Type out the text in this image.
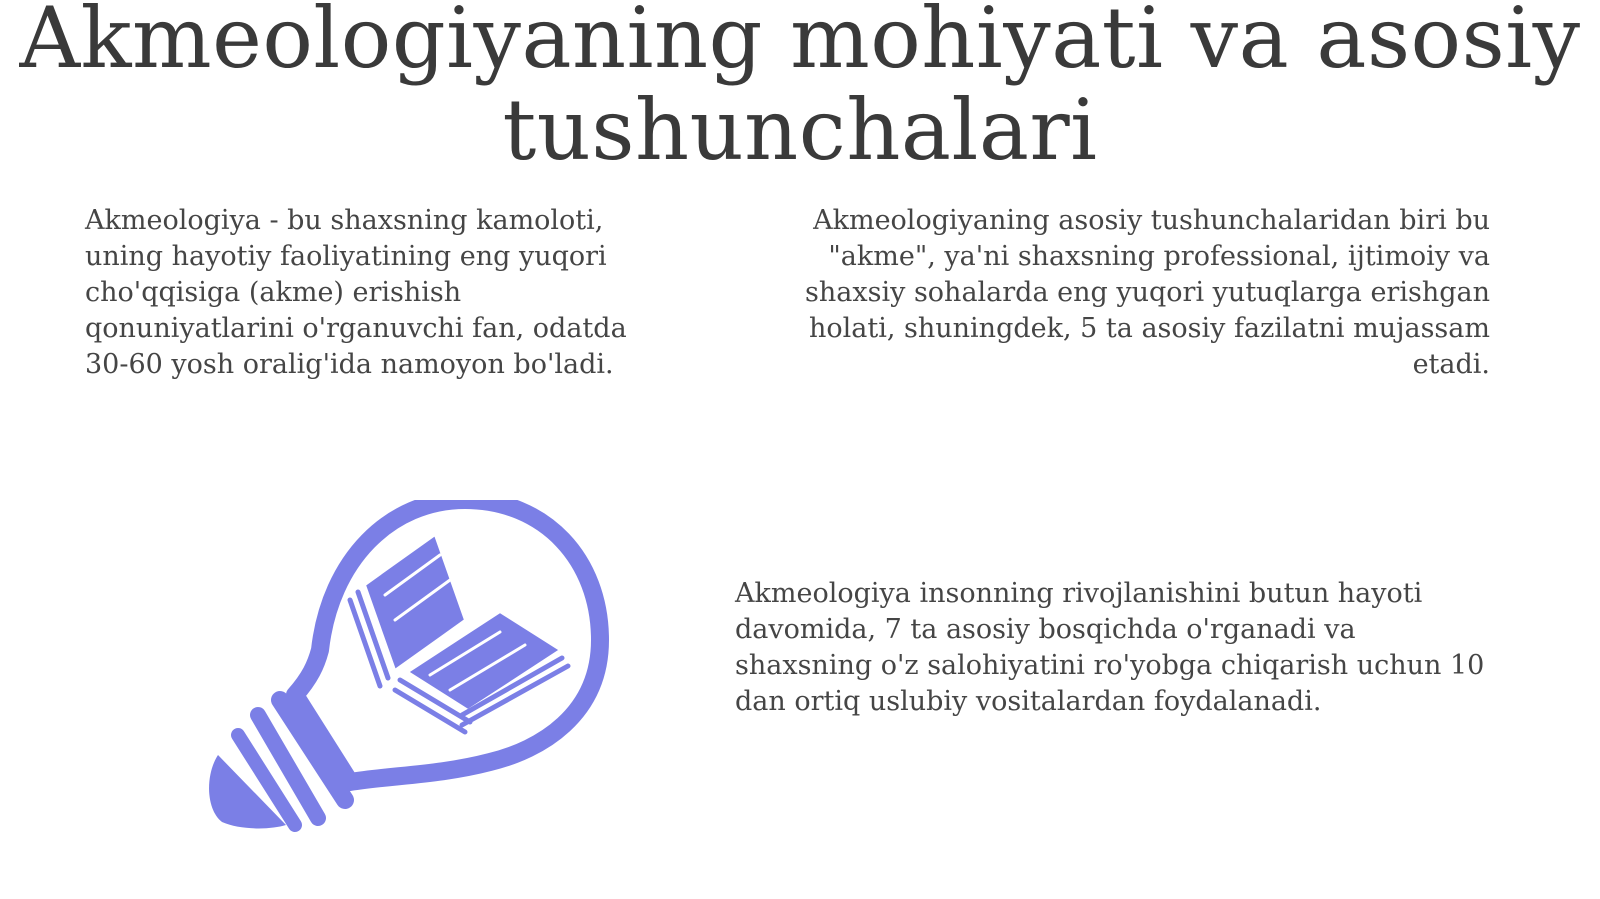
Akmeologiyaning mohiyati va asosiy tushunchalari

Akmeologiya - bu shaxsning kamoloti, uning hayotiy faoliyatining eng yuqori cho'qqisiga (akme) erishish qonuniyatlarini o'rganuvchi fan, odatda 30-60 yosh oralig'ida namoyon bo'ladi.

Akmeologiyaning asosiy tushunchalaridan biri bu "akme", ya'ni shaxsning professional, ijtimoiy va shaxsiy sohalarda eng yuqori yutuqlarga erishgan holati, shuningdek, 5 ta asosiy fazilatni mujassam etadi.

Akmeologiya insonning rivojlanishini butun hayoti davomida, 7 ta asosiy bosqichda o'rganadi va shaxsning o'z salohiyatini ro'yobga chiqarish uchun 10 dan ortiq uslubiy vositalardan foydalanadi.
